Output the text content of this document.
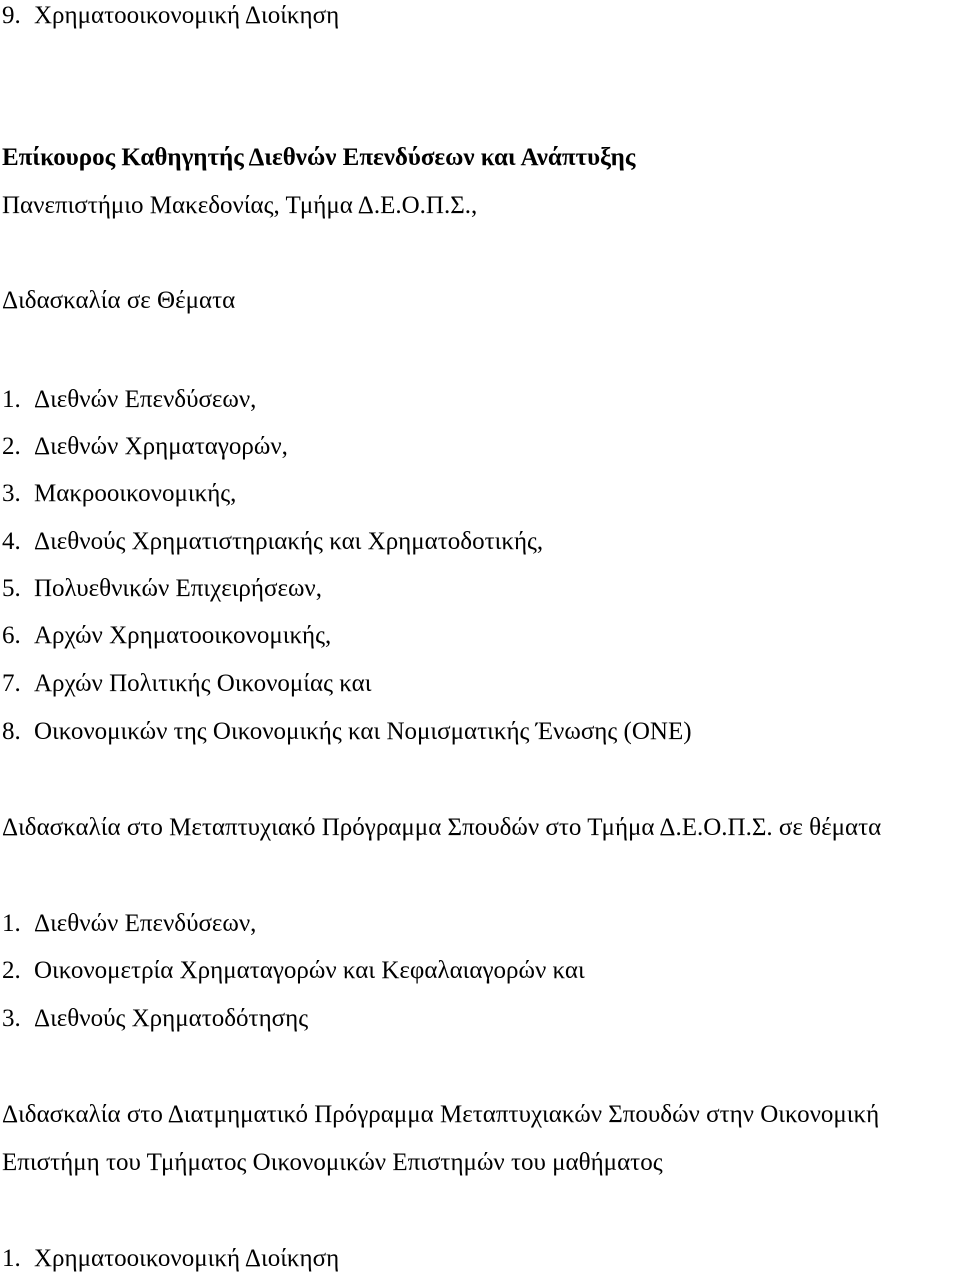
9. Χρηματοοικονομική Διοίκηση
Επίκουρος Καθηγητής Διεθνών Επενδύσεων και Ανάπτυξης
Πανεπιστήμιο Μακεδονίας, Τμήμα Δ.Ε.Ο.Π.Σ.,
Διδασκαλία σε Θέματα
1. Διεθνών Επενδύσεων,
2. Διεθνών Χρηματαγορών,
3. Μακροοικονομικής,
4. Διεθνούς Χρηματιστηριακής και Χρηματοδοτικής,
5. Πολυεθνικών Επιχειρήσεων,
6. Αρχών Χρηματοοικονομικής,
7. Αρχών Πολιτικής Οικονομίας και
8. Οικονομικών της Οικονομικής και Νομισματικής Ένωσης (ΟΝΕ)
Διδασκαλία στο Μεταπτυχιακό Πρόγραμμα Σπουδών στο Τμήμα Δ.Ε.Ο.Π.Σ. σε θέματα
1. Διεθνών Επενδύσεων,
2. Οικονομετρία Χρηματαγορών και Κεφαλαιαγορών και
3. Διεθνούς Χρηματοδότησης
Διδασκαλία στο Διατμηματικό Πρόγραμμα Μεταπτυχιακών Σπουδών στην Οικονομική
Επιστήμη του Τμήματος Οικονομικών Επιστημών του μαθήματος
1. Χρηματοοικονομική Διοίκηση
